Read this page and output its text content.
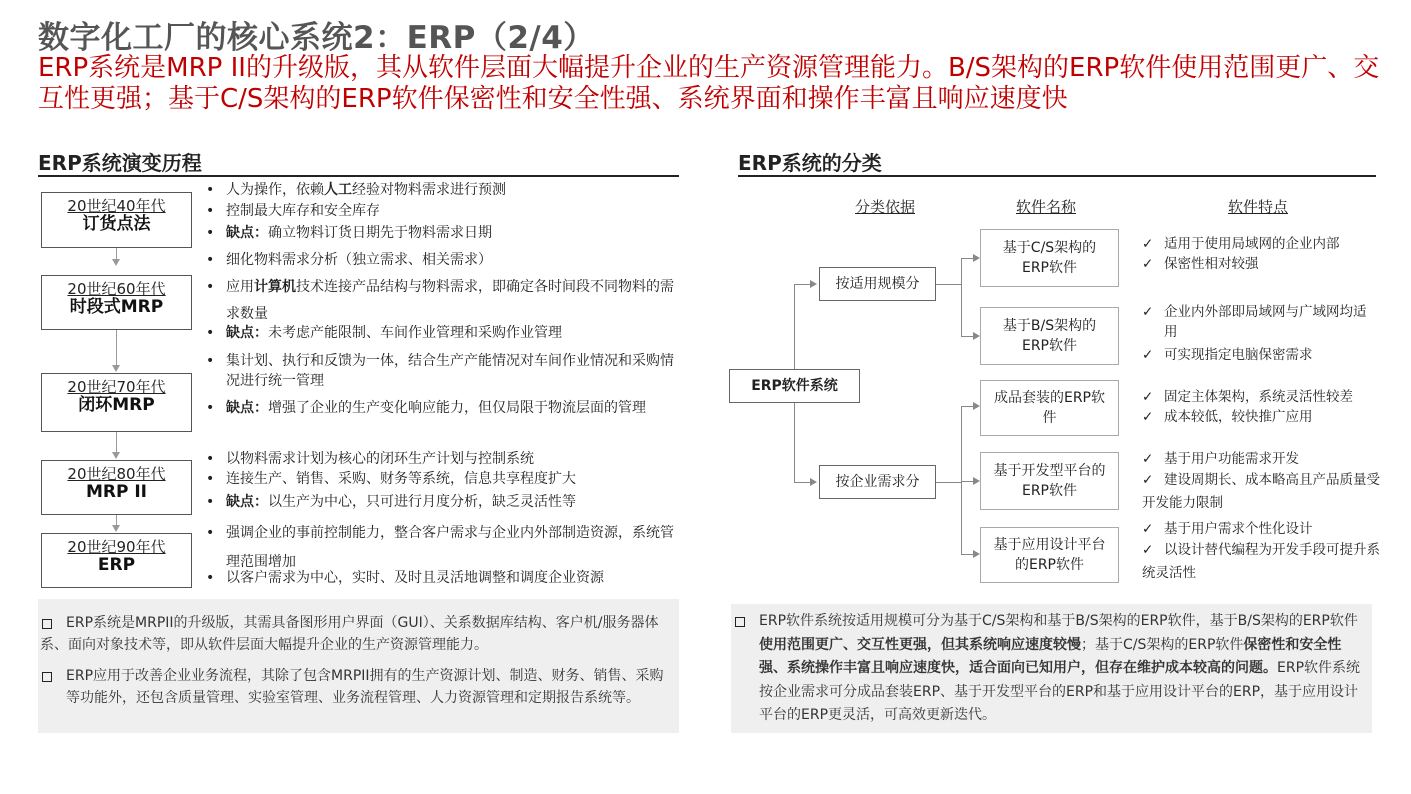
数字化工厂的核心系统2：ERP（2/4）
ERP系统是MRP II的升级版，其从软件层面大幅提升企业的生产资源管理能力。B/S架构的ERP软件使用范围更广、交互性更强；基于C/S架构的ERP软件保密性和安全性强、系统界面和操作丰富且响应速度快
ERP系统演变历程
20世纪40年代
订货点法
20世纪60年代
时段式MRP
20世纪70年代
闭环MRP
20世纪80年代
MRP II
20世纪90年代
ERP
• 人为操作，依赖人工经验对物料需求进行预测
• 控制最大库存和安全库存
• 缺点：确立物料订货日期先于物料需求日期
• 细化物料需求分析（独立需求、相关需求）
• 应用计算机技术连接产品结构与物料需求，即确定各时间段不同物料的需求数量
• 缺点：未考虑产能限制、车间作业管理和采购作业管理
• 集计划、执行和反馈为一体，结合生产产能情况对车间作业情况和采购情况进行统一管理
• 缺点：增强了企业的生产变化响应能力，但仅局限于物流层面的管理
• 以物料需求计划为核心的闭环生产计划与控制系统
• 连接生产、销售、采购、财务等系统，信息共享程度扩大
• 缺点：以生产为中心，只可进行月度分析，缺乏灵活性等
• 强调企业的事前控制能力，整合客户需求与企业内外部制造资源，系统管理范围增加
• 以客户需求为中心，实时、及时且灵活地调整和调度企业资源
ERP系统是MRPII的升级版，其需具备图形用户界面（GUI）、关系数据库结构、客户机/服务器体系、面向对象技术等，即从软件层面大幅提升企业的生产资源管理能力。
ERP应用于改善企业业务流程，其除了包含MRPII拥有的生产资源计划、制造、财务、销售、采购等功能外，还包含质量管理、实验室管理、业务流程管理、人力资源管理和定期报告系统等。
ERP系统的分类
分类依据	软件名称	软件特点
ERP软件系统
按适用规模分
按企业需求分
基于C/S架构的ERP软件
基于B/S架构的ERP软件
成品套装的ERP软件
基于开发型平台的ERP软件
基于应用设计平台的ERP软件
✓ 适用于使用局域网的企业内部
✓ 保密性相对较强
✓ 企业内外部即局域网与广域网均适用
✓ 可实现指定电脑保密需求
✓ 固定主体架构，系统灵活性较差
✓ 成本较低，较快推广应用
✓ 基于用户功能需求开发
✓ 建设周期长、成本略高且产品质量受开发能力限制
✓ 基于用户需求个性化设计
✓ 以设计替代编程为开发手段可提升系统灵活性
ERP软件系统按适用规模可分为基于C/S架构和基于B/S架构的ERP软件，基于B/S架构的ERP软件使用范围更广、交互性更强，但其系统响应速度较慢；基于C/S架构的ERP软件保密性和安全性强、系统操作丰富且响应速度快，适合面向已知用户，但存在维护成本较高的问题。ERP软件系统按企业需求可分成品套装ERP、基于开发型平台的ERP和基于应用设计平台的ERP，基于应用设计平台的ERP更灵活，可高效更新迭代。
